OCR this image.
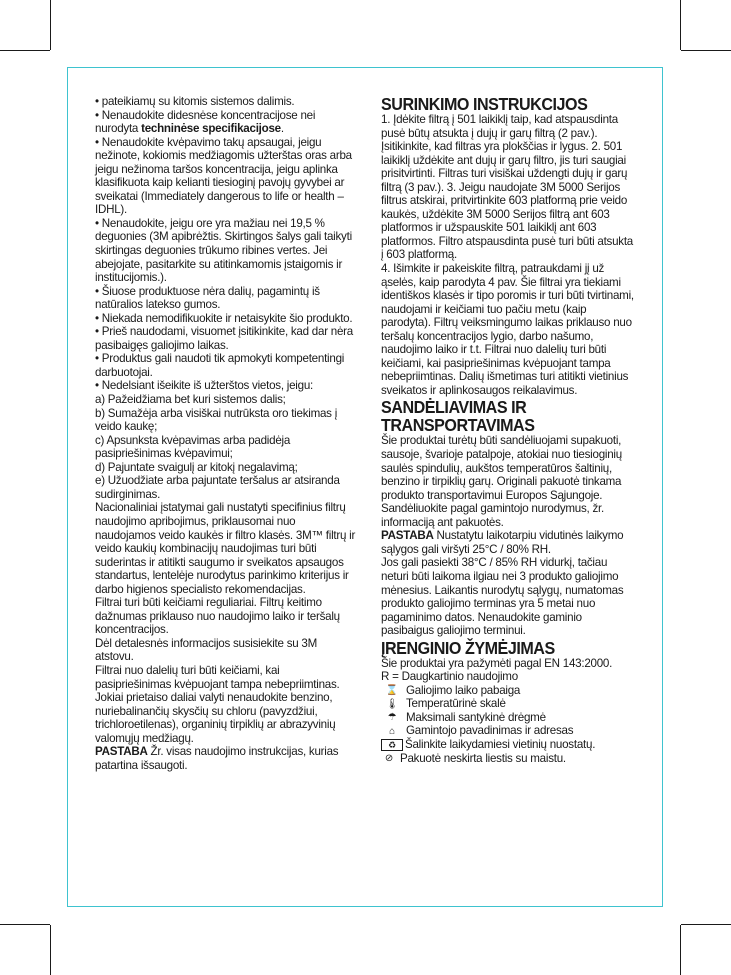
• pateikiamų su kitomis sistemos dalimis.

• Nenaudokite didesnėse koncentracijose nei nurodyta techninėse specifikacijose.

• Nenaudokite kvėpavimo takų apsaugai, jeigu nežinote, kokiomis medžiagomis užterštas oras arba jeigu nežinoma taršos koncentracija, jeigu aplinka klasifikuota kaip kelianti tiesioginį pavojų gyvybei ar sveikatai (Immediately dangerous to life or health – IDHL).

• Nenaudokite, jeigu ore yra mažiau nei 19,5 % deguonies (3M apibrėžtis. Skirtingos šalys gali taikyti skirtingas deguonies trūkumo ribines vertes. Jei abejojate, pasitarkite su atitinkamomis įstaigomis ir institucijomis.).

• Šiuose produktuose nėra dalių, pagamintų iš natūralios latekso gumos.

• Niekada nemodifikuokite ir netaisykite šio produkto.

• Prieš naudodami, visuomet įsitikinkite, kad dar nėra pasibaigęs galiojimo laikas.

• Produktus gali naudoti tik apmokyti kompetentingi darbuotojai.

• Nedelsiant išeikite iš užterštos vietos, jeigu:

a) Pažeidžiama bet kuri sistemos dalis;

b) Sumažėja arba visiškai nutrūksta oro tiekimas į veido kaukę;

c) Apsunksta kvėpavimas arba padidėja pasipriešinimas kvėpavimui;

d) Pajuntate svaigulį ar kitokį negalavimą;

e) Užuodžiate arba pajuntate teršalus ar atsiranda sudirginimas.

Nacionaliniai įstatymai gali nustatyti specifinius filtrų naudojimo apribojimus, priklausomai nuo naudojamos veido kaukės ir filtro klasės. 3M™ filtrų ir veido kaukių kombinacijų naudojimas turi būti suderintas ir atitikti saugumo ir sveikatos apsaugos standartus, lentelėje nurodytus parinkimo kriterijus ir darbo higienos specialisto rekomendacijas.

Filtrai turi būti keičiami reguliariai. Filtrų keitimo dažnumas priklauso nuo naudojimo laiko ir teršalų koncentracijos.

Dėl detalesnės informacijos susisiekite su 3M atstovu.

Filtrai nuo dalelių turi būti keičiami, kai pasipriešinimas kvėpuojant tampa nebepriimtinas. Jokiai prietaiso daliai valyti nenaudokite benzino, nuriebalinančių skysčių su chloru (pavyzdžiui, trichloroetilenas), organinių tirpiklių ar abrazyvinių valomųjų medžiagų.

PASTABA Žr. visas naudojimo instrukcijas, kurias patartina išsaugoti.

SURINKIMO INSTRUKCIJOS

1. Įdėkite filtrą į 501 laikiklį taip, kad atspausdinta pusė būtų atsukta į dujų ir garų filtrą (2 pav.). Įsitikinkite, kad filtras yra plokščias ir lygus. 2. 501 laikiklį uždėkite ant dujų ir garų filtro, jis turi saugiai prisitvirtinti. Filtras turi visiškai uždengti dujų ir garų filtrą (3 pav.). 3. Jeigu naudojate 3M 5000 Serijos filtrus atskirai, pritvirtinkite 603 platformą prie veido kaukės, uždėkite 3M 5000 Serijos filtrą ant 603 platformos ir užspauskite 501 laikiklį ant 603 platformos. Filtro atspausdinta pusė turi būti atsukta į 603 platformą.

4. Išimkite ir pakeiskite filtrą, patraukdami jį už ąselės, kaip parodyta 4 pav. Šie filtrai yra tiekiami identiškos klasės ir tipo poromis ir turi būti tvirtinami, naudojami ir keičiami tuo pačiu metu (kaip parodyta). Filtrų veiksmingumo laikas priklauso nuo teršalų koncentracijos lygio, darbo našumo, naudojimo laiko ir t.t. Filtrai nuo dalelių turi būti keičiami, kai pasipriešinimas kvėpuojant tampa nebepriimtinas. Dalių išmetimas turi atitikti vietinius sveikatos ir aplinkosaugos reikalavimus.

SANDĖLIAVIMAS IR TRANSPORTAVIMAS

Šie produktai turėtų būti sandėliuojami supakuoti, sausoje, švarioje patalpoje, atokiai nuo tiesioginių saulės spindulių, aukštos temperatūros šaltinių, benzino ir tirpiklių garų. Originali pakuotė tinkama produkto transportavimui Europos Sąjungoje. Sandėliuokite pagal gamintojo nurodymus, žr. informaciją ant pakuotės.

PASTABA Nustatytu laikotarpiu vidutinės laikymo sąlygos gali viršyti 25°C / 80% RH.

Jos gali pasiekti 38°C / 85% RH vidurkį, tačiau neturi būti laikoma ilgiau nei 3 produkto galiojimo mėnesius. Laikantis nurodytų sąlygų, numatomas produkto galiojimo terminas yra 5 metai nuo pagaminimo datos. Nenaudokite gaminio pasibaigus galiojimo terminui.

ĮRENGINIO ŽYMĖJIMAS

Šie produktai yra pažymėti pagal EN 143:2000.

R = Daugkartinio naudojimo

⌛ Galiojimo laiko pabaiga
🌡 Temperatūrinė skalė
☂ Maksimali santykinė drėgmė
⌂ Gamintojo pavadinimas ir adresas
♻ Šalinkite laikydamiesi vietinių nuostatų.
⊘ Pakuotė neskirta liestis su maistu.
